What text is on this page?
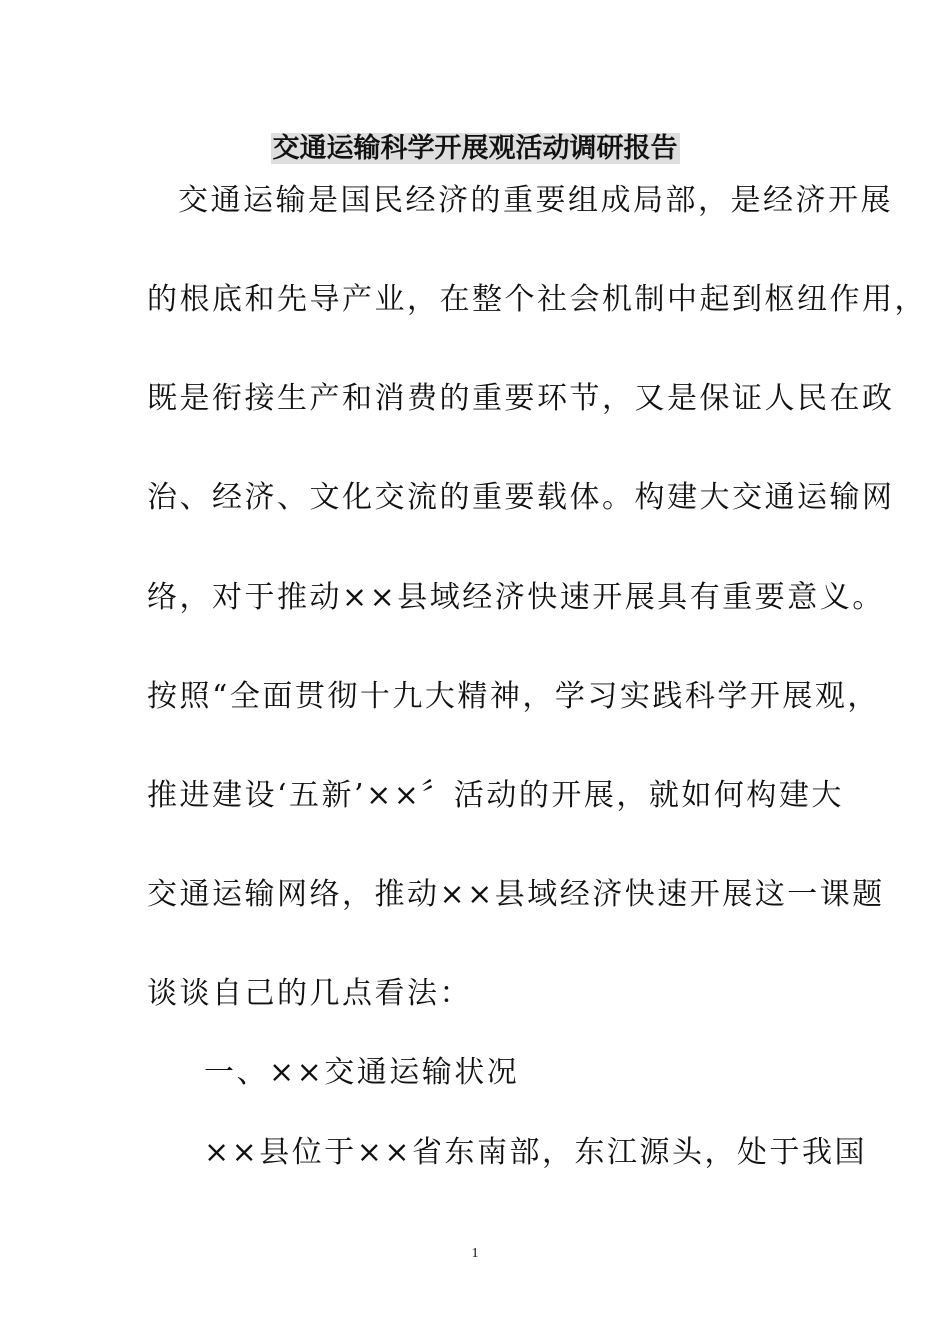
交通运输科学开展观活动调研报告
交通运输是国民经济的重要组成局部，是经济开展
的根底和先导产业，在整个社会机制中起到枢纽作用，
既是衔接生产和消费的重要环节，又是保证人民在政
治、经济、文化交流的重要载体。构建大交通运输网
络，对于推动××县域经济快速开展具有重要意义。
按照“全面贯彻十九大精神，学习实践科学开展观，
推进建设‘五新’××〞活动的开展，就如何构建大
交通运输网络，推动××县域经济快速开展这一课题
谈谈自己的几点看法：
一、××交通运输状况
××县位于××省东南部，东江源头，处于我国
1
